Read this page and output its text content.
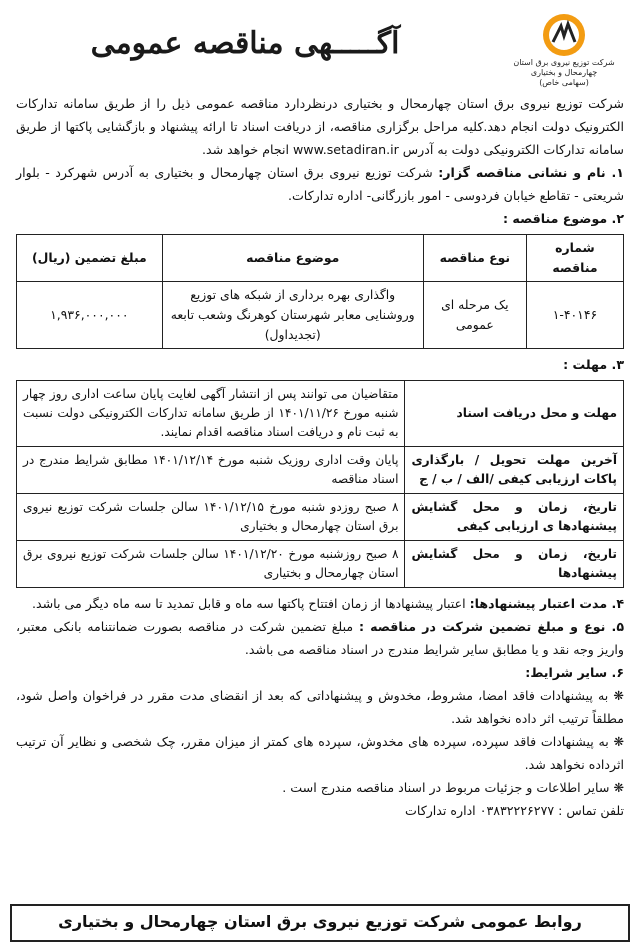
شرکت توزیع نیروی برق استان چهارمحال و بختیاری
(سهامی خاص)
آگـــــهی مناقصه عمومی

شرکت توزیع نیروی برق استان چهارمحال و بختیاری درنظردارد مناقصه عمومی ذیل را از طریق سامانه تدارکات الکترونیک دولت انجام دهد.کلیه مراحل برگزاری مناقصه، از دریافت اسناد تا ارائه پیشنهاد و بازگشایی پاکتها از طریق سامانه تدارکات الکترونیکی دولت به آدرس www.setadiran.ir انجام خواهد شد.

۱. نام و نشانی مناقصه گزار: شرکت توزیع نیروی برق استان چهارمحال و بختیاری به آدرس شهرکرد - بلوار شریعتی - تقاطع خیابان فردوسی - امور بازرگانی- اداره تدارکات.

۲. موضوع مناقصه :

شماره مناقصه	نوع مناقصه	موضوع مناقصه	مبلغ تضمین (ریال)
۱-۴۰۱۴۶	یک مرحله ای عمومی	واگذاری بهره برداری از شبکه های توزیع وروشنایی معابر شهرستان کوهرنگ وشعب تابعه (تجدیداول)	۱,۹۳۶,۰۰۰,۰۰۰

۳. مهلت :

مهلت و محل دریافت اسناد	متقاضیان می توانند پس از انتشار آگهی لغایت پایان ساعت اداری روز چهار شنبه مورخ ۱۴۰۱/۱۱/۲۶ از طریق سامانه تدارکات الکترونیکی دولت نسبت به ثبت نام و دریافت اسناد مناقصه اقدام نمایند.
آخرین مهلت تحویل / بارگذاری پاکات ارزیابی کیفی /الف / ب / ج	پایان وقت اداری روزیک شنبه مورخ ۱۴۰۱/۱۲/۱۴ مطابق شرایط مندرج در اسناد مناقصه
تاریخ، زمان و محل گشایش پیشنهادها ی ارزیابی کیفی	۸ صبح روزدو شنبه مورخ ۱۴۰۱/۱۲/۱۵ سالن جلسات شرکت توزیع نیروی برق استان چهارمحال و بختیاری
تاریخ، زمان و محل گشایش پیشنهادها	۸ صبح روزشنبه مورخ ۱۴۰۱/۱۲/۲۰ سالن جلسات شرکت توزیع نیروی برق استان چهارمحال و بختیاری

۴. مدت اعتبار پیشنهادها: اعتبار پیشنهادها از زمان افتتاح پاکتها سه ماه و قابل تمدید تا سه ماه دیگر می باشد.

۵. نوع و مبلغ تضمین شرکت در مناقصه : مبلغ تضمین شرکت در مناقصه بصورت ضمانتنامه بانکی معتبر، واریز وجه نقد و یا مطابق سایر شرایط مندرج در اسناد مناقصه می باشد.

۶. سایر شرایط:

❋ به پیشنهادات فاقد امضا، مشروط، مخدوش و پیشنهاداتی که بعد از انقضای مدت مقرر در فراخوان واصل شود، مطلقاً ترتیب اثر داده نخواهد شد.

❋ به پیشنهادات فاقد سپرده، سپرده های مخدوش، سپرده های کمتر از میزان مقرر، چک شخصی و نظایر آن ترتیب اثرداده نخواهد شد.

❋ سایر اطلاعات و جزئیات مربوط در اسناد مناقصه مندرج است .

تلفن تماس : ۰۳۸۳۲۲۲۶۲۷۷ اداره تدارکات

روابط عمومی شرکت توزیع نیروی برق استان چهارمحال و بختیاری
